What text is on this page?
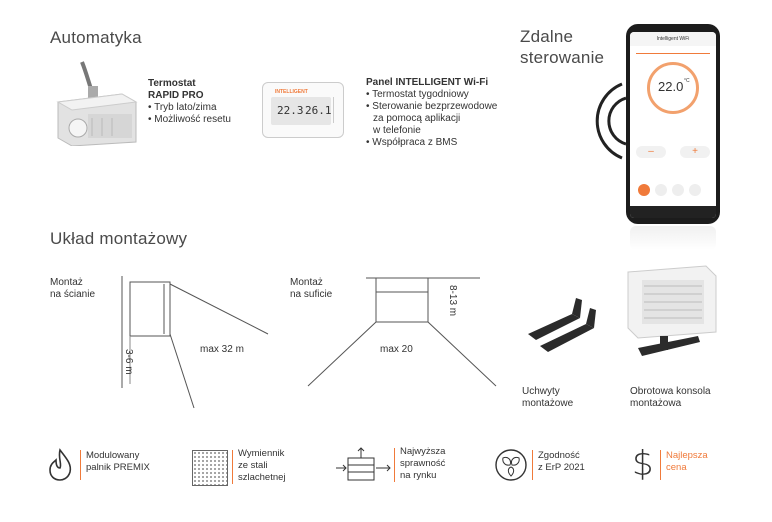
Automatyka
Termostat
RAPID PRO
• Tryb lato/zima
• Możliwość resetu
INTELLIGENT
22.3 26.1
Panel INTELLIGENT Wi-Fi
• Termostat tygodniowy
• Sterowanie bezprzewodowe
za pomocą aplikacji
w telefonie
• Współpraca z BMS
Zdalne
sterowanie
Intelligent WiFi
22.0 °C
–	+
Układ montażowy
Montaż
na ścianie
3-6 m	max 32 m
Montaż
na suficie	8-13 m
max 20
Uchwyty
montażowe
Obrotowa konsola
montażowa
Modulowany
palnik PREMIX
Wymiennik
ze stali
szlachetnej
Najwyższa
sprawność
na rynku
Zgodność
z ErP 2021 $ Najlepsza
cena
